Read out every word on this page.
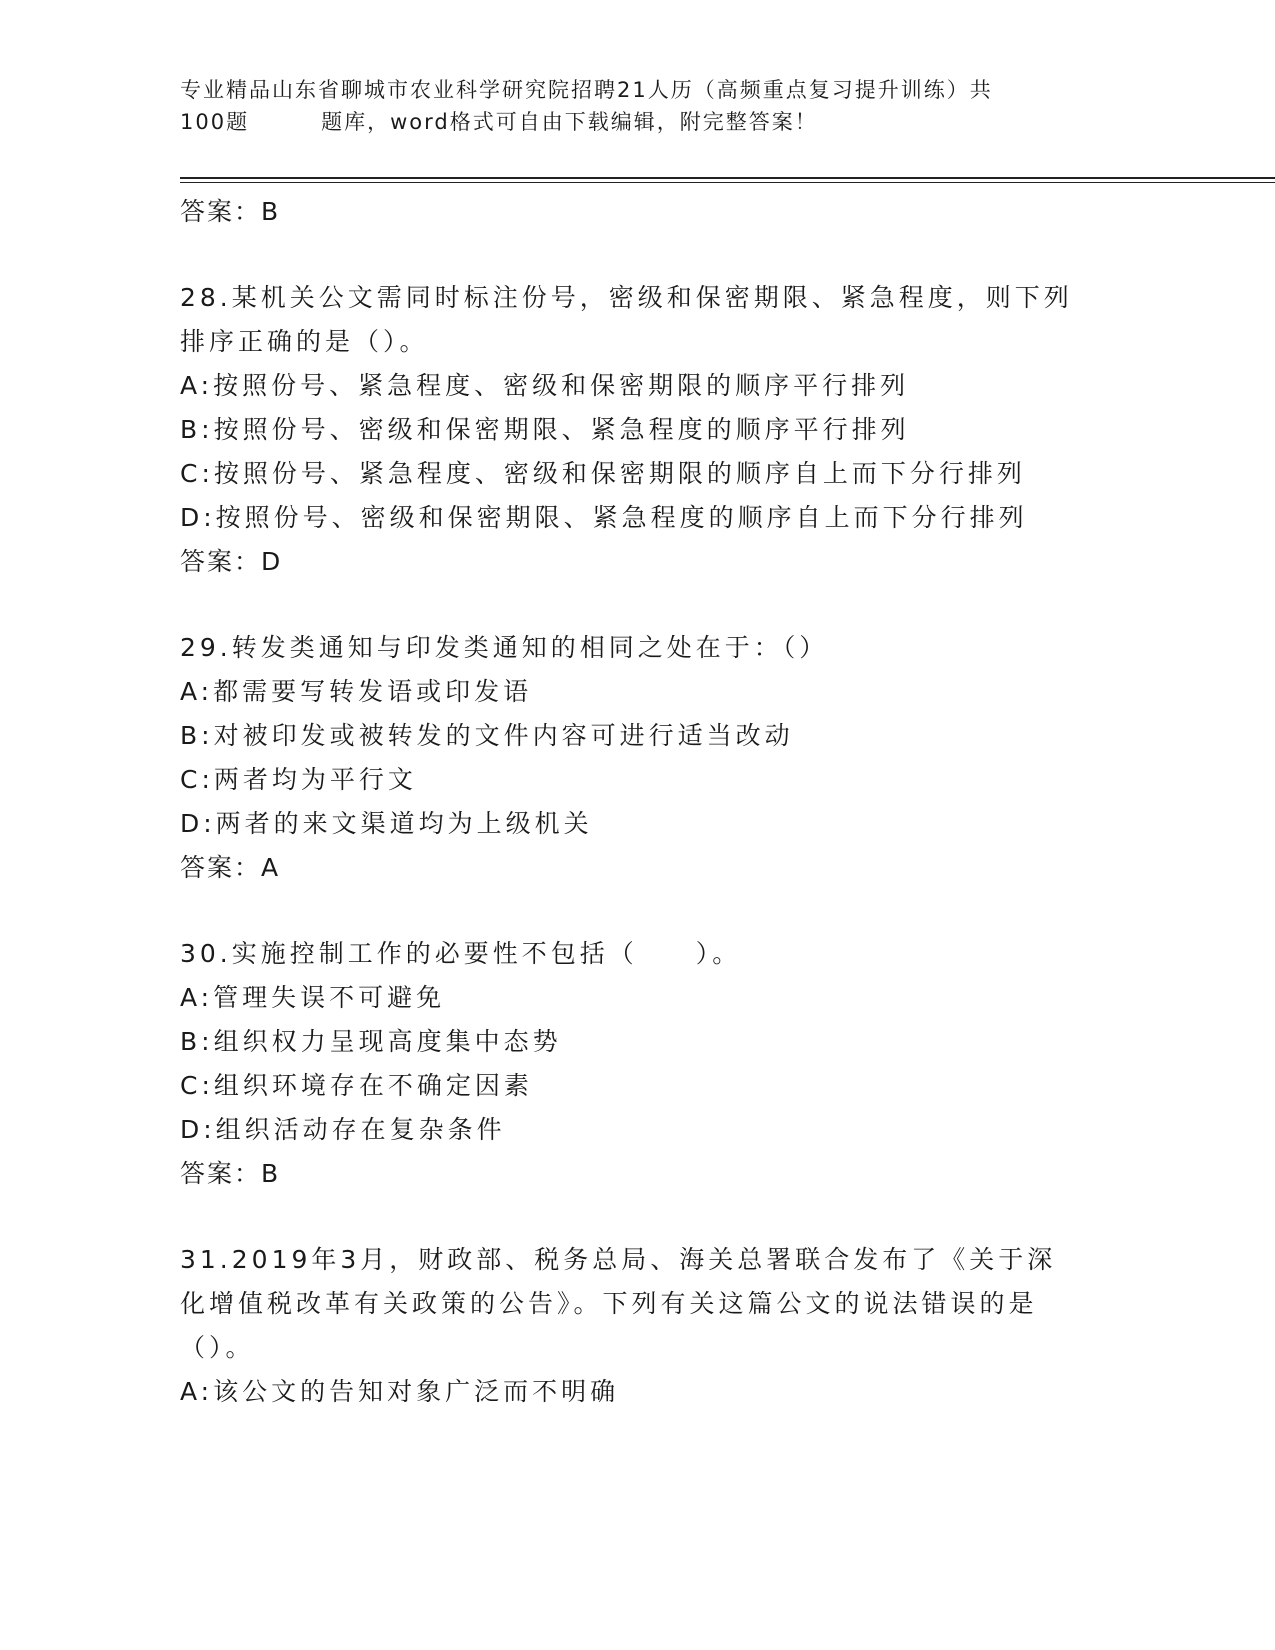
专业精品山东省聊城市农业科学研究院招聘21人历（高频重点复习提升训练）共
100题	题库，word格式可自由下载编辑，附完整答案！
答案：B
28.某机关公文需同时标注份号，密级和保密期限、紧急程度，则下列排序正确的是（）。
A:按照份号、紧急程度、密级和保密期限的顺序平行排列
B:按照份号、密级和保密期限、紧急程度的顺序平行排列
C:按照份号、紧急程度、密级和保密期限的顺序自上而下分行排列
D:按照份号、密级和保密期限、紧急程度的顺序自上而下分行排列
答案：D
29.转发类通知与印发类通知的相同之处在于：（）
A:都需要写转发语或印发语
B:对被印发或被转发的文件内容可进行适当改动
C:两者均为平行文
D:两者的来文渠道均为上级机关
答案：A
30.实施控制工作的必要性不包括（　　）。
A:管理失误不可避免
B:组织权力呈现高度集中态势
C:组织环境存在不确定因素
D:组织活动存在复杂条件
答案：B
31.2019年3月，财政部、税务总局、海关总署联合发布了《关于深化增值税改革有关政策的公告》。下列有关这篇公文的说法错误的是（）。
A:该公文的告知对象广泛而不明确
